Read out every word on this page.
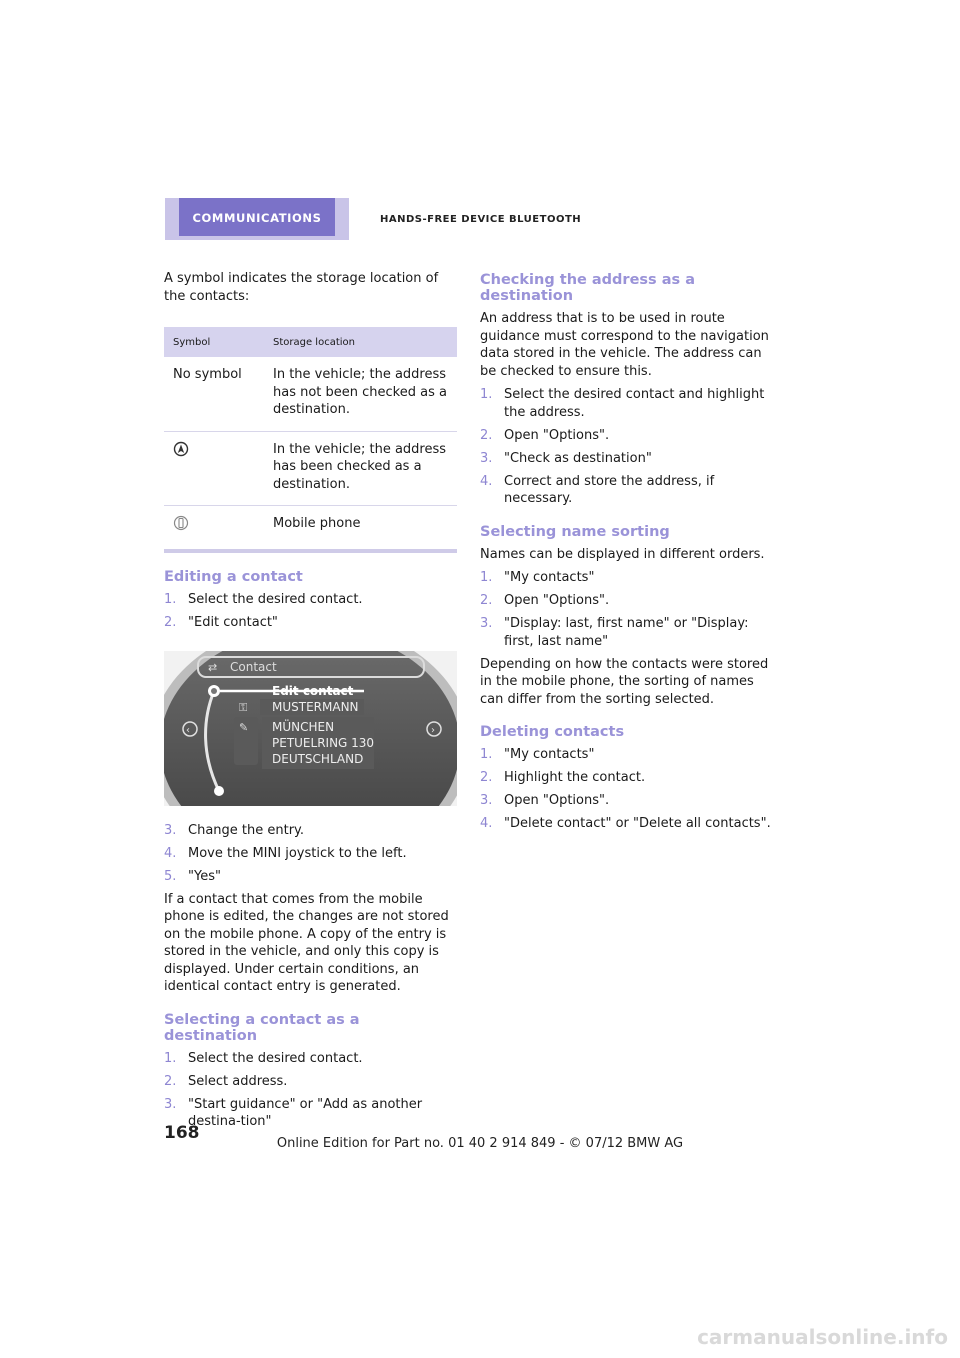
COMMUNICATIONS	HANDS-FREE DEVICE BLUETOOTH

A symbol indicates the storage location of the contacts:

Symbol	Storage location
No symbol	In the vehicle; the address has not been checked as a destination.
	In the vehicle; the address has been checked as a destination.
	Mobile phone
Editing a contact
1. Select the desired contact.
2. "Edit contact"
⇄ Contact
‹	›
⚿
✎
Edit contact
MUSTERMANN
MÜNCHEN
PETUELRING 130
DEUTSCHLAND
3. Change the entry.
4. Move the MINI joystick to the left.
5. "Yes"

If a contact that comes from the mobile phone is edited, the changes are not stored on the mobile phone. A copy of the entry is stored in the vehicle, and only this copy is displayed. Under certain conditions, an identical contact entry is generated.

Selecting a contact as a destination
1. Select the desired contact.
2. Select address.
3. "Start guidance" or "Add as another destina-tion"
Checking the address as a destination

An address that is to be used in route guidance must correspond to the navigation data stored in the vehicle. The address can be checked to ensure this.

1. Select the desired contact and highlight the address.
2. Open "Options".
3. "Check as destination"
4. Correct and store the address, if necessary.
Selecting name sorting

Names can be displayed in different orders.

1. "My contacts"
2. Open "Options".
3. "Display: last, first name" or "Display: first, last name"

Depending on how the contacts were stored in the mobile phone, the sorting of names can differ from the sorting selected.

Deleting contacts
1. "My contacts"
2. Highlight the contact.
3. Open "Options".
4. "Delete contact" or "Delete all contacts".
168
Online Edition for Part no. 01 40 2 914 849 - © 07/12 BMW AG
carmanualsonline.info
